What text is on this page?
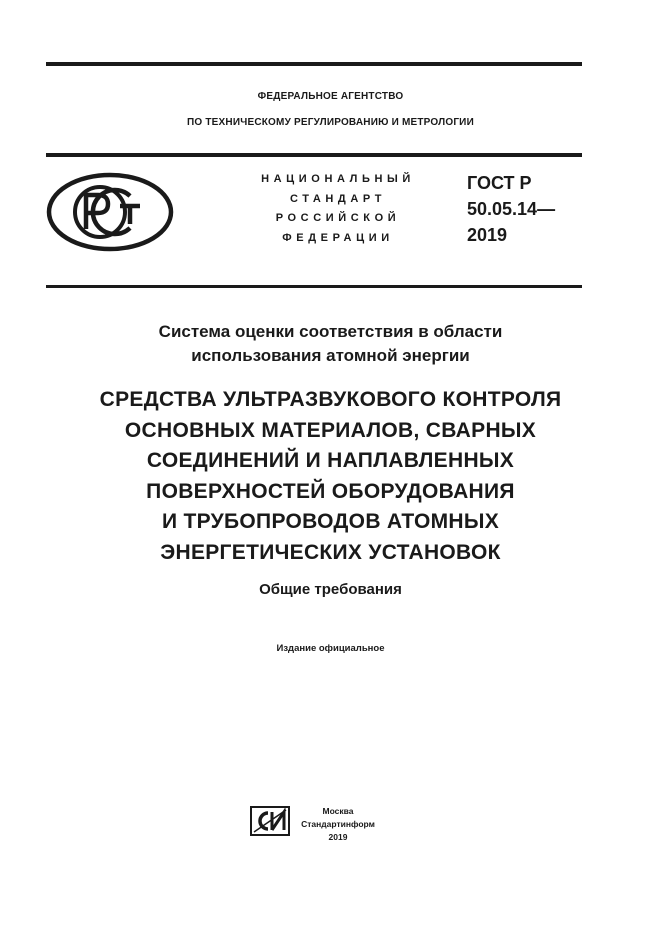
ФЕДЕРАЛЬНОЕ АГЕНТСТВО
ПО ТЕХНИЧЕСКОМУ РЕГУЛИРОВАНИЮ И МЕТРОЛОГИИ
НАЦИОНАЛЬНЫЙ
СТАНДАРТ
РОССИЙСКОЙ
ФЕДЕРАЦИИ
ГОСТ Р
50.05.14—
2019
Система оценки соответствия в области
использования атомной энергии
СРЕДСТВА УЛЬТРАЗВУКОВОГО КОНТРОЛЯ
ОСНОВНЫХ МАТЕРИАЛОВ, СВАРНЫХ
СОЕДИНЕНИЙ И НАПЛАВЛЕННЫХ
ПОВЕРХНОСТЕЙ ОБОРУДОВАНИЯ
И ТРУБОПРОВОДОВ АТОМНЫХ
ЭНЕРГЕТИЧЕСКИХ УСТАНОВОК
Общие требования
Издание официальное
Москва
Стандартинформ
2019
